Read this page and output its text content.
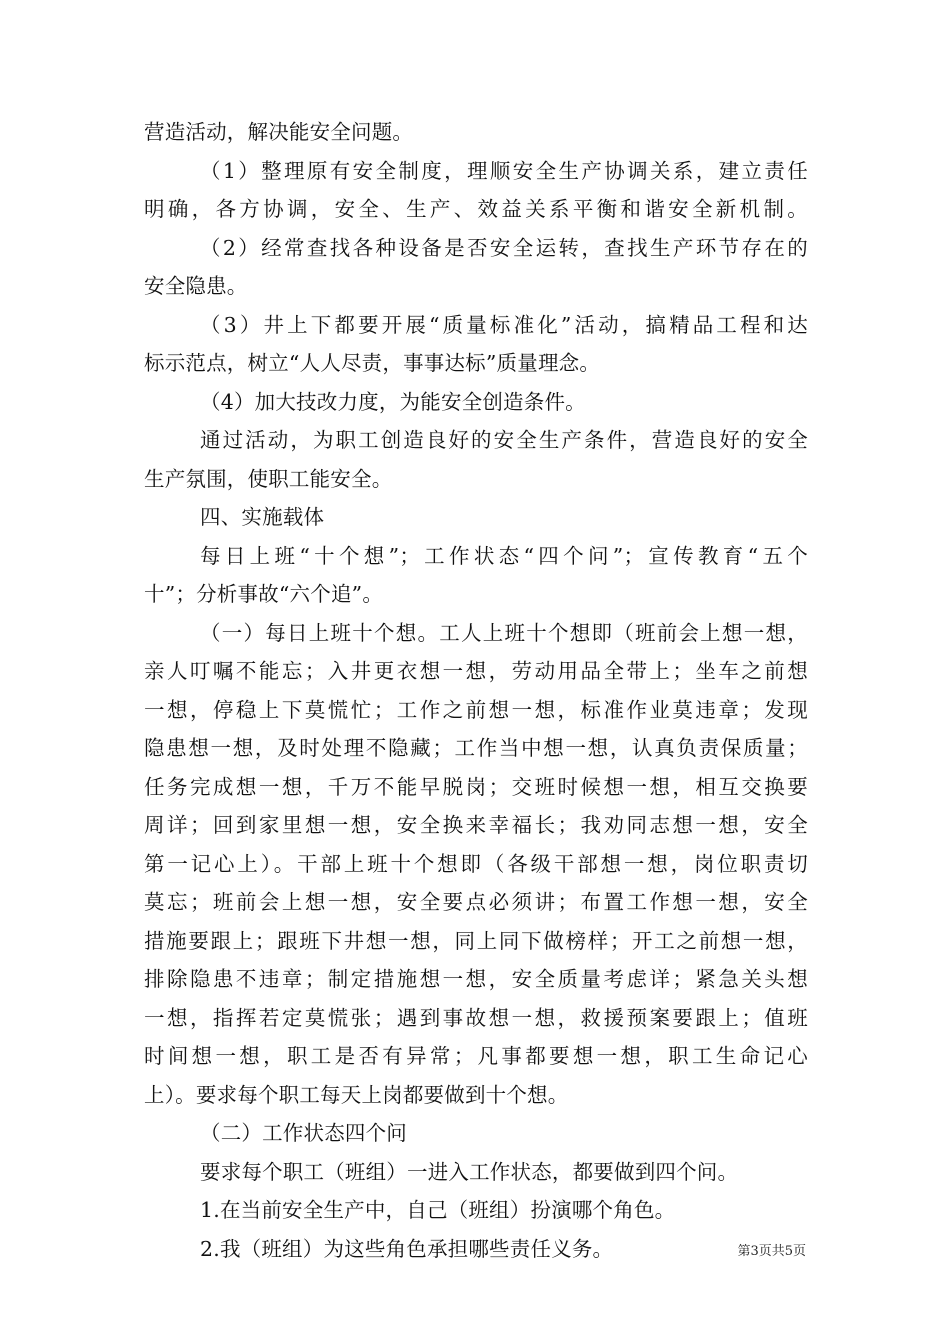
营造活动，解决能安全问题。
（1）整理原有安全制度，理顺安全生产协调关系，建立责任
明确，各方协调，安全、生产、效益关系平衡和谐安全新机制。
（2）经常查找各种设备是否安全运转，查找生产环节存在的
安全隐患。
（3）井上下都要开展“质量标准化”活动，搞精品工程和达
标示范点，树立“人人尽责，事事达标”质量理念。
（4）加大技改力度，为能安全创造条件。
通过活动，为职工创造良好的安全生产条件，营造良好的安全
生产氛围，使职工能安全。
四、实施载体
每日上班“十个想”；工作状态“四个问”；宣传教育“五个
十”；分析事故“六个追”。
（一）每日上班十个想。工人上班十个想即（班前会上想一想，
亲人叮嘱不能忘；入井更衣想一想，劳动用品全带上；坐车之前想
一想，停稳上下莫慌忙；工作之前想一想，标准作业莫违章；发现
隐患想一想，及时处理不隐藏；工作当中想一想，认真负责保质量；
任务完成想一想，千万不能早脱岗；交班时候想一想，相互交换要
周详；回到家里想一想，安全换来幸福长；我劝同志想一想，安全
第一记心上）。干部上班十个想即（各级干部想一想，岗位职责切
莫忘；班前会上想一想，安全要点必须讲；布置工作想一想，安全
措施要跟上；跟班下井想一想，同上同下做榜样；开工之前想一想，
排除隐患不违章；制定措施想一想，安全质量考虑详；紧急关头想
一想，指挥若定莫慌张；遇到事故想一想，救援预案要跟上；值班
时间想一想，职工是否有异常；凡事都要想一想，职工生命记心
上）。要求每个职工每天上岗都要做到十个想。
（二）工作状态四个问
要求每个职工（班组）一进入工作状态，都要做到四个问。
1.在当前安全生产中，自己（班组）扮演哪个角色。
2.我（班组）为这些角色承担哪些责任义务。	第3页共5页
